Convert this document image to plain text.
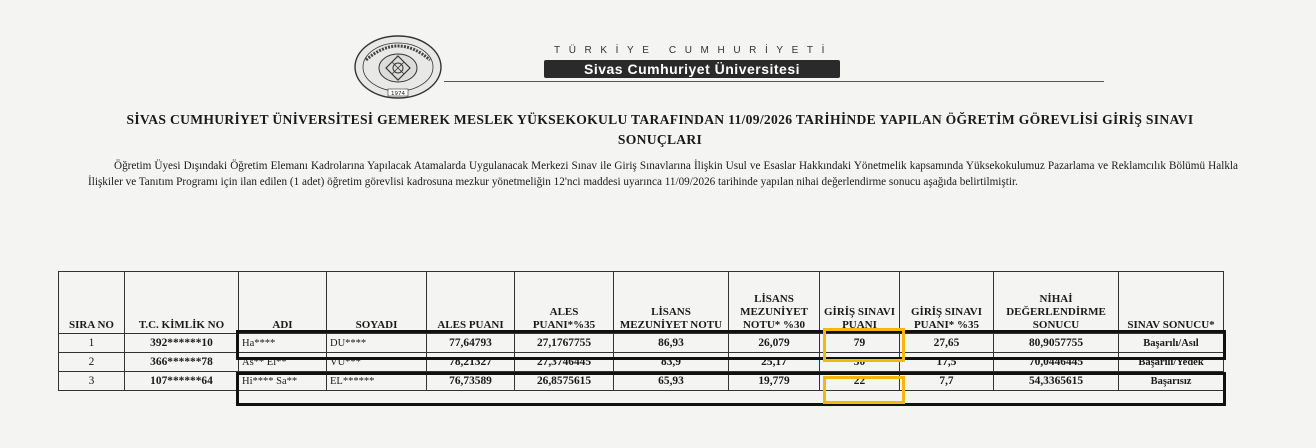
1974
TÜRKİYE CUMHURİYETİ
Sivas Cumhuriyet Üniversitesi
SİVAS CUMHURİYET ÜNİVERSİTESİ GEMEREK MESLEK YÜKSEKOKULU TARAFINDAN 11/09/2026 TARİHİNDE YAPILAN ÖĞRETİM GÖREVLİSİ GİRİŞ SINAVI SONUÇLARI

Öğretim Üyesi Dışındaki Öğretim Elemanı Kadrolarına Yapılacak Atamalarda Uygulanacak Merkezi Sınav ile Giriş Sınavlarına İlişkin Usul ve Esaslar Hakkındaki Yönetmelik kapsamında Yüksekokulumuz Pazarlama ve Reklamcılık Bölümü Halkla İlişkiler ve Tanıtım Programı için ilan edilen (1 adet) öğretim görevlisi kadrosuna mezkur yönetmeliğin 12'nci maddesi uyarınca 11/09/2026 tarihinde yapılan nihai değerlendirme sonucu aşağıda belirtilmiştir.

SIRA NO	T.C. KİMLİK NO	ADI	SOYADI	ALES PUANI	ALES PUANI*%35	LİSANS MEZUNİYET NOTU	LİSANS MEZUNİYET NOTU* %30	GİRİŞ SINAVI PUANI	GİRİŞ SINAVI PUANI* %35	NİHAİ DEĞERLENDİRME SONUCU	SINAV SONUCU*
1	392******10	Ha****	DU****	77,64793	27,1767755	86,93	26,079	79	27,65	80,9057755	Başarılı/Asıl
2	366******78	As** El**	VU***	78,21327	27,3746445	83,9	25,17	50	17,5	70,0446445	Başarılı/Yedek
3	107******64	Hi**** Sa**	EL******	76,73589	26,8575615	65,93	19,779	22	7,7	54,3365615	Başarısız
